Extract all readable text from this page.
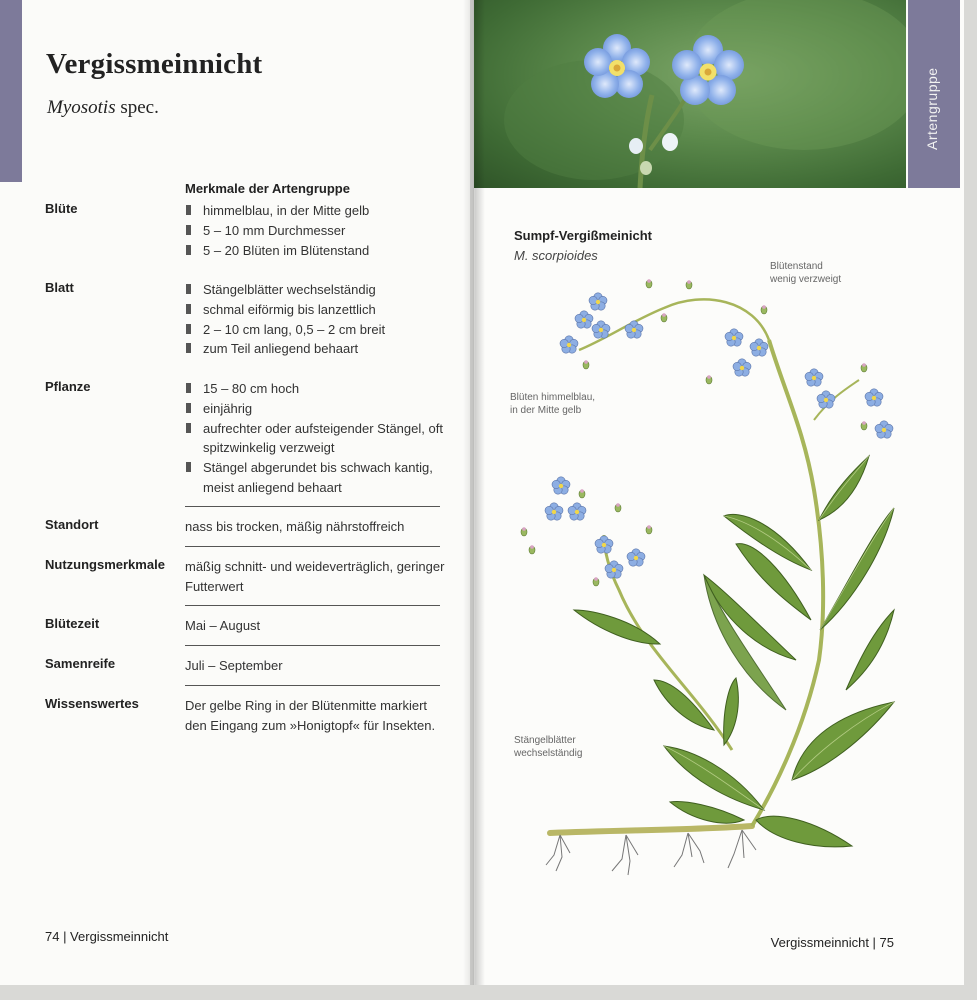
Vergissmeinnicht
Myosotis spec.
Merkmale der Artengruppe
Blüte	himmelblau, in der Mitte gelb
5 – 10 mm Durchmesser
5 – 20 Blüten im Blütenstand
Blatt	Stängelblätter wechselständig
schmal eiförmig bis lanzettlich
2 – 10 cm lang, 0,5 – 2 cm breit
zum Teil anliegend behaart
Pflanze	15 – 80 cm hoch
einjährig
aufrechter oder aufsteigender Stängel, oft spitzwinkelig verzweigt
Stängel abgerundet bis schwach kantig, meist anliegend behaart
Standort	nass bis trocken, mäßig nährstoffreich
Nutzungsmerkmale mäßig schnitt- und weideverträglich, geringer Futterwert
Blütezeit	Mai – August
Samenreife	Juli – September
Wissenswertes	Der gelbe Ring in der Blütenmitte markiert den Eingang zum »Honigtopf« für Insekten.
74 | Vergissmeinnicht
Artengruppe
Sumpf-Vergißmeinicht
M. scorpioides
Blütenstand
wenig verzweigt
Blüten himmelblau,
in der Mitte gelb
Stängelblätter
wechselständig
Vergissmeinnicht | 75
